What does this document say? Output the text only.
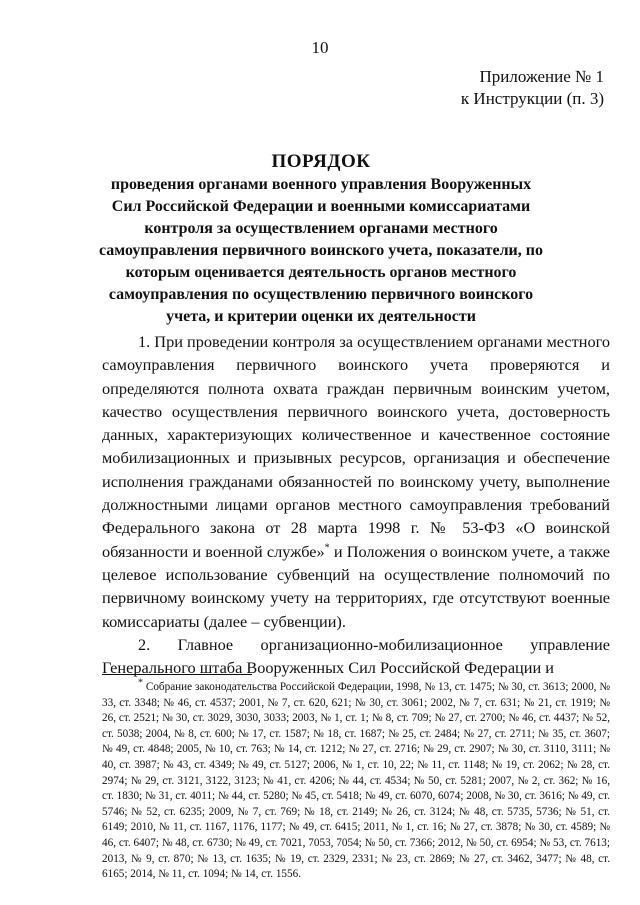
10
Приложение № 1
к Инструкции (п. 3)
ПОРЯДОК
проведения органами военного управления Вооруженных Сил Российской Федерации и военными комиссариатами контроля за осуществлением органами местного самоуправления первичного воинского учета, показатели, по которым оценивается деятельность органов местного самоуправления по осуществлению первичного воинского учета, и критерии оценки их деятельности

1. При проведении контроля за осуществлением органами местного самоуправления первичного воинского учета проверяются и определяются полнота охвата граждан первичным воинским учетом, качество осуществления первичного воинского учета, достоверность данных, характеризующих количественное и качественное состояние мобилизационных и призывных ресурсов, организация и обеспечение исполнения гражданами обязанностей по воинскому учету, выполнение должностными лицами органов местного самоуправления требований Федерального закона от 28 марта 1998 г. № 53-ФЗ «О воинской обязанности и военной службе»* и Положения о воинском учете, а также целевое использование субвенций на осуществление полномочий по первичному воинскому учету на территориях, где отсутствуют военные комиссариаты (далее – субвенции).

2. Главное организационно-мобилизационное управление Генерального штаба Вооруженных Сил Российской Федерации и

* Собрание законодательства Российской Федерации, 1998, № 13, ст. 1475; № 30, ст. 3613; 2000, № 33, ст. 3348; № 46, ст. 4537; 2001, № 7, ст. 620, 621; № 30, ст. 3061; 2002, № 7, ст. 631; № 21, ст. 1919; № 26, ст. 2521; № 30, ст. 3029, 3030, 3033; 2003, № 1, ст. 1; № 8, ст. 709; № 27, ст. 2700; № 46, ст. 4437; № 52, ст. 5038; 2004, № 8, ст. 600; № 17, ст. 1587; № 18, ст. 1687; № 25, ст. 2484; № 27, ст. 2711; № 35, ст. 3607; № 49, ст. 4848; 2005, № 10, ст. 763; № 14, ст. 1212; № 27, ст. 2716; № 29, ст. 2907; № 30, ст. 3110, 3111; № 40, ст. 3987; № 43, ст. 4349; № 49, ст. 5127; 2006, № 1, ст. 10, 22; № 11, ст. 1148; № 19, ст. 2062; № 28, ст. 2974; № 29, ст. 3121, 3122, 3123; № 41, ст. 4206; № 44, ст. 4534; № 50, ст. 5281; 2007, № 2, ст. 362; № 16, ст. 1830; № 31, ст. 4011; № 44, ст. 5280; № 45, ст. 5418; № 49, ст. 6070, 6074; 2008, № 30, ст. 3616; № 49, ст. 5746; № 52, ст. 6235; 2009, № 7, ст. 769; № 18, ст. 2149; № 26, ст. 3124; № 48, ст. 5735, 5736; № 51, ст. 6149; 2010, № 11, ст. 1167, 1176, 1177; № 49, ст. 6415; 2011, № 1, ст. 16; № 27, ст. 3878; № 30, ст. 4589; № 46, ст. 6407; № 48, ст. 6730; № 49, ст. 7021, 7053, 7054; № 50, ст. 7366; 2012, № 50, ст. 6954; № 53, ст. 7613; 2013, № 9, ст. 870; № 13, ст. 1635; № 19, ст. 2329, 2331; № 23, ст. 2869; № 27, ст. 3462, 3477; № 48, ст. 6165; 2014, № 11, ст. 1094; № 14, ст. 1556.
